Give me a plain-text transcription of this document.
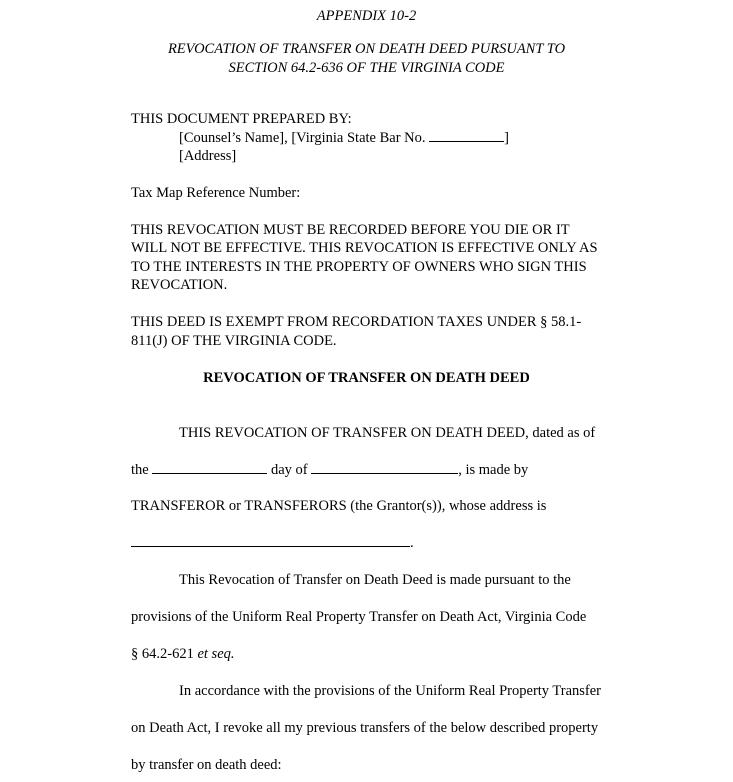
APPENDIX 10-2
REVOCATION OF TRANSFER ON DEATH DEED PURSUANT TO
SECTION 64.2-636 OF THE VIRGINIA CODE
THIS DOCUMENT PREPARED BY:
[Counsel’s Name], [Virginia State Bar No.	]
[Address]
Tax Map Reference Number:
THIS REVOCATION MUST BE RECORDED BEFORE YOU DIE OR IT
WILL NOT BE EFFECTIVE. THIS REVOCATION IS EFFECTIVE ONLY AS
TO THE INTERESTS IN THE PROPERTY OF OWNERS WHO SIGN THIS
REVOCATION.
THIS DEED IS EXEMPT FROM RECORDATION TAXES UNDER § 58.1-
811(J) OF THE VIRGINIA CODE.
REVOCATION OF TRANSFER ON DEATH DEED
THIS REVOCATION OF TRANSFER ON DEATH DEED, dated as of
the	day of	, is made by
TRANSFEROR or TRANSFERORS (the Grantor(s)), whose address is
.
This Revocation of Transfer on Death Deed is made pursuant to the
provisions of the Uniform Real Property Transfer on Death Act, Virginia Code
§ 64.2-621 et seq.
In accordance with the provisions of the Uniform Real Property Transfer
on Death Act, I revoke all my previous transfers of the below described property
by transfer on death deed:
